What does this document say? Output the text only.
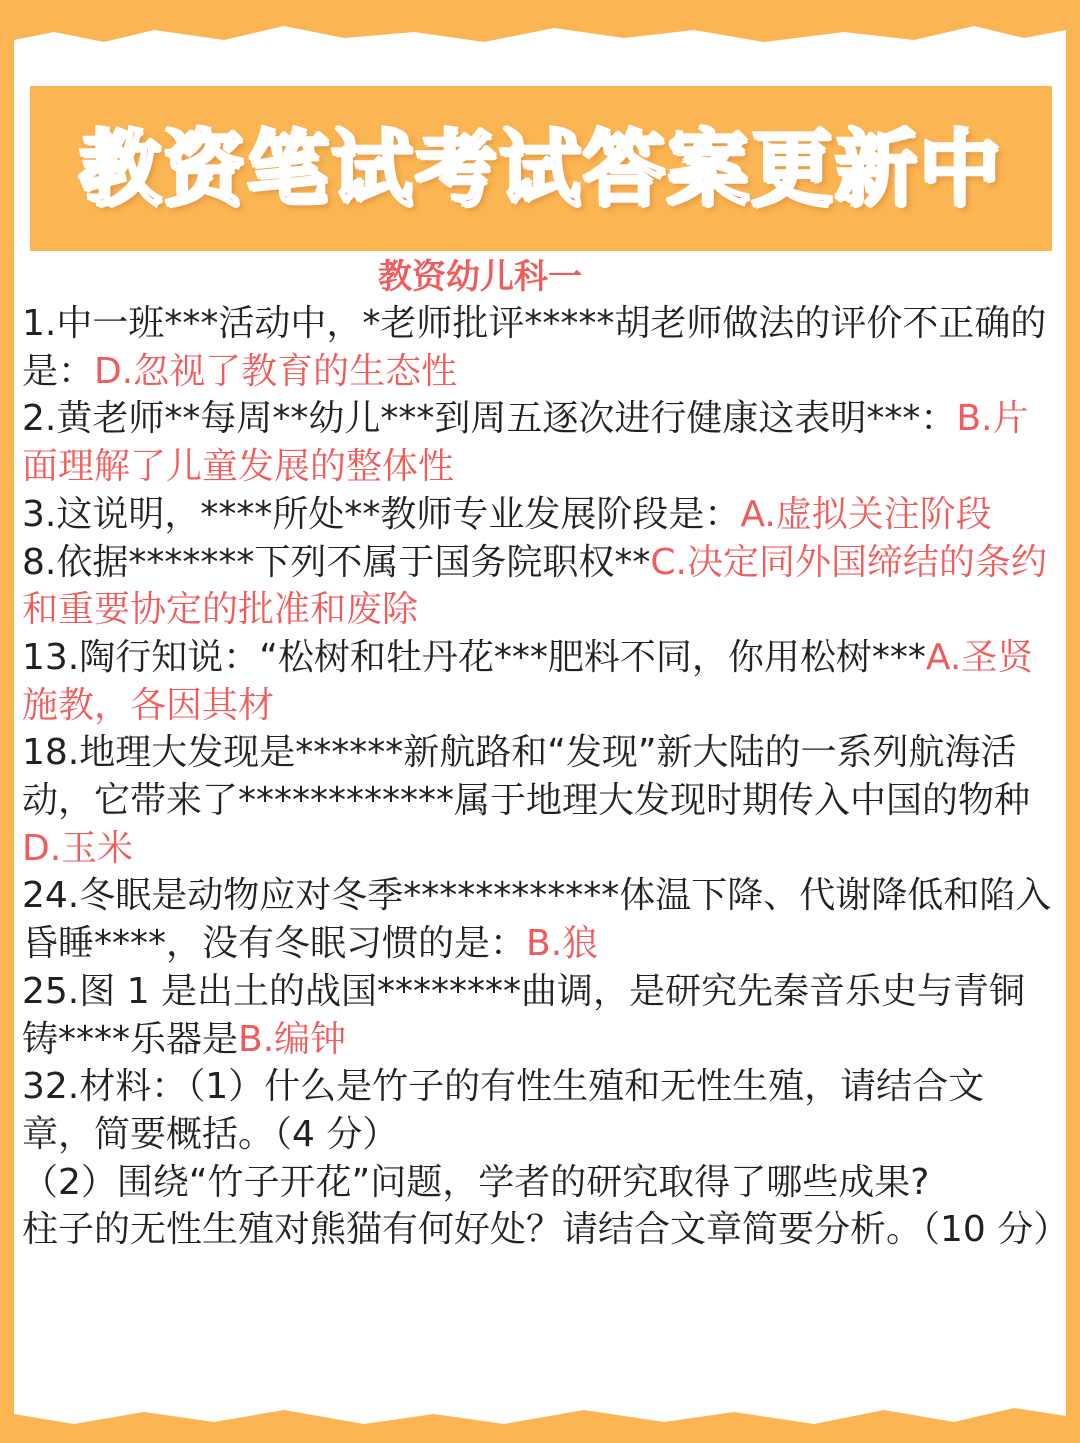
教资笔试考试答案更新中
教资幼儿科一

1.中一班***活动中，*老师批评*****胡老师做法的评价不正确的是：D.忽视了教育的生态性

2.黄老师**每周**幼儿***到周五逐次进行健康这表明***：B.片面理解了儿童发展的整体性

3.这说明，****所处**教师专业发展阶段是：A.虚拟关注阶段

8.依据*******下列不属于国务院职权**C.决定同外国缔结的条约和重要协定的批准和废除

13.陶行知说：“松树和牡丹花***肥料不同，你用松树***A.圣贤施教，各因其材

18.地理大发现是******新航路和“发现”新大陆的一系列航海活动，它带来了************属于地理大发现时期传入中国的物种D.玉米

24.冬眠是动物应对冬季************体温下降、代谢降低和陷入昏睡****，没有冬眠习惯的是：B.狼

25.图 1 是出土的战国********曲调，是研究先秦音乐史与青铜铸****乐器是B.编钟

32.材料：（1）什么是竹子的有性生殖和无性生殖，请结合文章，简要概括。（4 分）

（2）围绕“竹子开花”问题，学者的研究取得了哪些成果?

柱子的无性生殖对熊猫有何好处？请结合文章简要分析。（10 分）
